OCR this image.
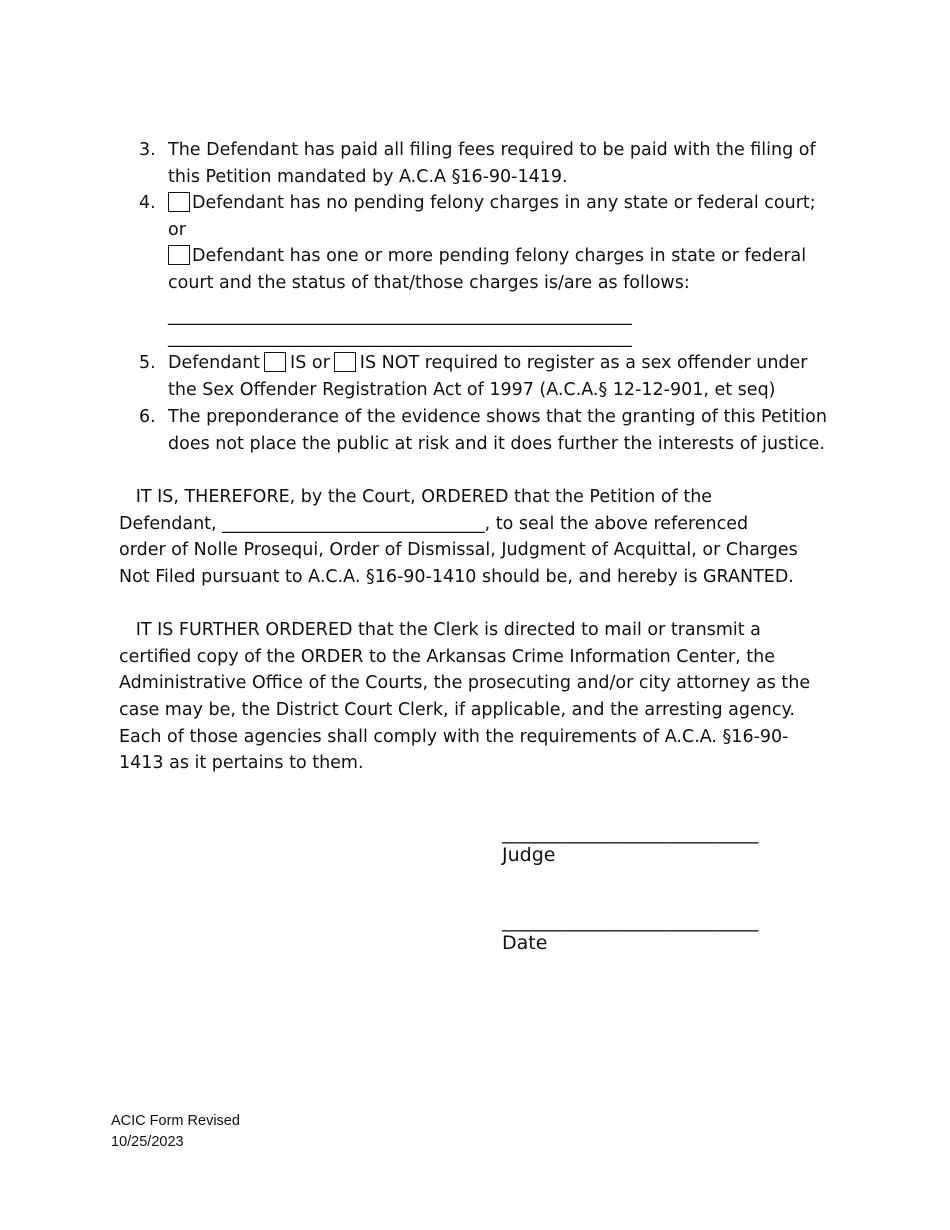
3. The Defendant has paid all filing fees required to be paid with the filing of
this Petition mandated by A.C.A §16-90-1419.
4.	Defendant has no pending felony charges in any state or federal court;
or
Defendant has one or more pending felony charges in state or federal
court and the status of that/those charges is/are as follows:
_____________________________________________________
_____________________________________________________
5. Defendant IS or IS NOT required to register as a sex offender under
the Sex Offender Registration Act of 1997 (A.C.A.§ 12-12-901, et seq)
6. The preponderance of the evidence shows that the granting of this Petition
does not place the public at risk and it does further the interests of justice.
IT IS, THEREFORE, by the Court, ORDERED that the Petition of the
Defendant, ______________________________, to seal the above referenced
order of Nolle Prosequi, Order of Dismissal, Judgment of Acquittal, or Charges
Not Filed pursuant to A.C.A. §16-90-1410 should be, and hereby is GRANTED.
IT IS FURTHER ORDERED that the Clerk is directed to mail or transmit a
certified copy of the ORDER to the Arkansas Crime Information Center, the
Administrative Office of the Courts, the prosecuting and/or city attorney as the
case may be, the District Court Clerk, if applicable, and the arresting agency.
Each of those agencies shall comply with the requirements of A.C.A. §16-90-
1413 as it pertains to them.
___________________________
Judge
___________________________
Date
ACIC Form Revised
10/25/2023
